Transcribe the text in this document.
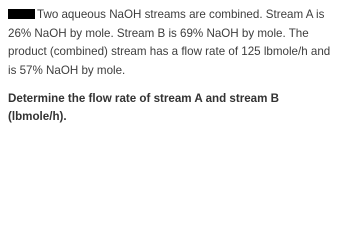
Two aqueous NaOH streams are combined. Stream A is 26% NaOH by mole. Stream B is 69% NaOH by mole. The product (combined) stream has a flow rate of 125 lbmole/h and is 57% NaOH by mole.

Determine the flow rate of stream A and stream B (lbmole/h).
